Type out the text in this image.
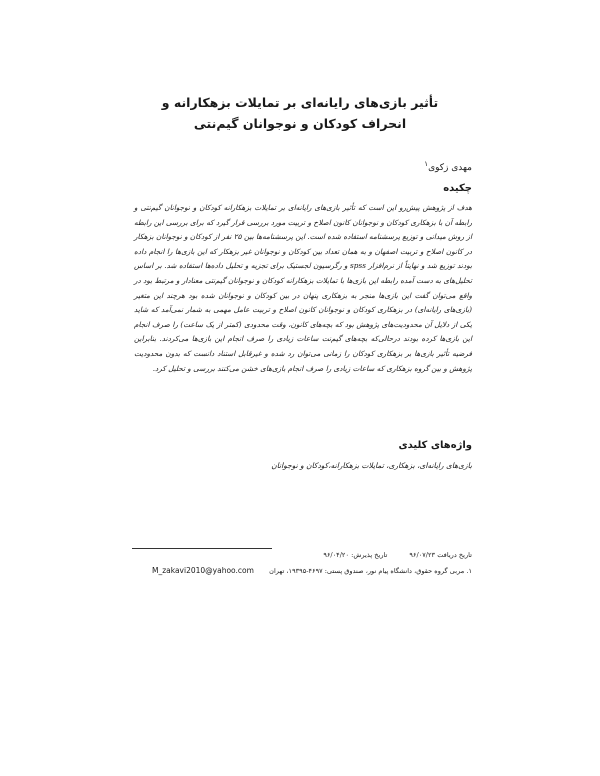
تأثیر بازی‌های رایانه‌ای بر تمایلات بزهکارانه و
انحراف کودکان و نوجوانان گیم‌نتی
مهدی زکوی$^۱$
چکیده

هدف از پژوهش پیش‌رو این است که تأثیر بازی‌های رایانه‌ای بر تمایلات بزهکارانه کودکان و نوجوانان گیم‌نتی و رابطه آن با بزهکاری کودکان و نوجوانان کانون اصلاح و تربیت مورد بررسی قرار گیرد که برای بررسی این رابطه از روش میدانی و توزیع پرسشنامه استفاده شده است. این پرسشنامه‌ها بین ۲۵ نفر از کودکان و نوجوانان بزهکار در کانون اصلاح و تربیت اصفهان و به همان تعداد بین کودکان و نوجوانان غیر بزهکار که این بازی‌ها را انجام داده بودند توزیع شد و نهایتاً از نرم‌افزار spss و رگرسیون لجستیک برای تجزیه و تحلیل داده‌ها استفاده شد. بر اساس تحلیل‌های به دست آمده رابطه این بازی‌ها با تمایلات بزهکارانه کودکان و نوجوانان گیم‌نتی معنادار و مرتبط بود در واقع می‌توان گفت این بازی‌ها منجر به بزهکاری پنهان در بین کودکان و نوجوانان شده بود هرچند این متغیر (بازی‌های رایانه‌ای) در بزهکاری کودکان و نوجوانان کانون اصلاح و تربیت عامل مهمی به شمار نمی‌آمد که شاید یکی از دلایل آن محدودیت‌های پژوهش بود که بچه‌های کانون، وقت محدودی (کمتر از یک ساعت) را صرف انجام این بازی‌ها کرده بودند درحالی‌که بچه‌های گیم‌نت ساعات زیادی را صرف انجام این بازی‌ها می‌کردند. بنابراین فرضیه تأثیر بازی‌ها بر بزهکاری کودکان را زمانی می‌توان رد شده و غیرقابل استناد دانست که بدون محدودیت پژوهش و بین گروه بزهکاری که ساعات زیادی را صرف انجام بازی‌های خشن می‌کنند بررسی و تحلیل کرد.

واژه‌های کلیدی
بازی‌های رایانه‌ای، بزهکاری، تمایلات بزهکارانه،کودکان و نوجوانان
تاریخ دریافت ۹۶/۰۷/۲۳تاریخ پذیرش: ۹۶/۰۴/۲۰
۱. مربی گروه حقوق، دانشگاه پیام نور، صندوق پستی: ۴۶۹۷-۱۹۳۹۵، تهران
M_zakavi2010@yahoo.com
